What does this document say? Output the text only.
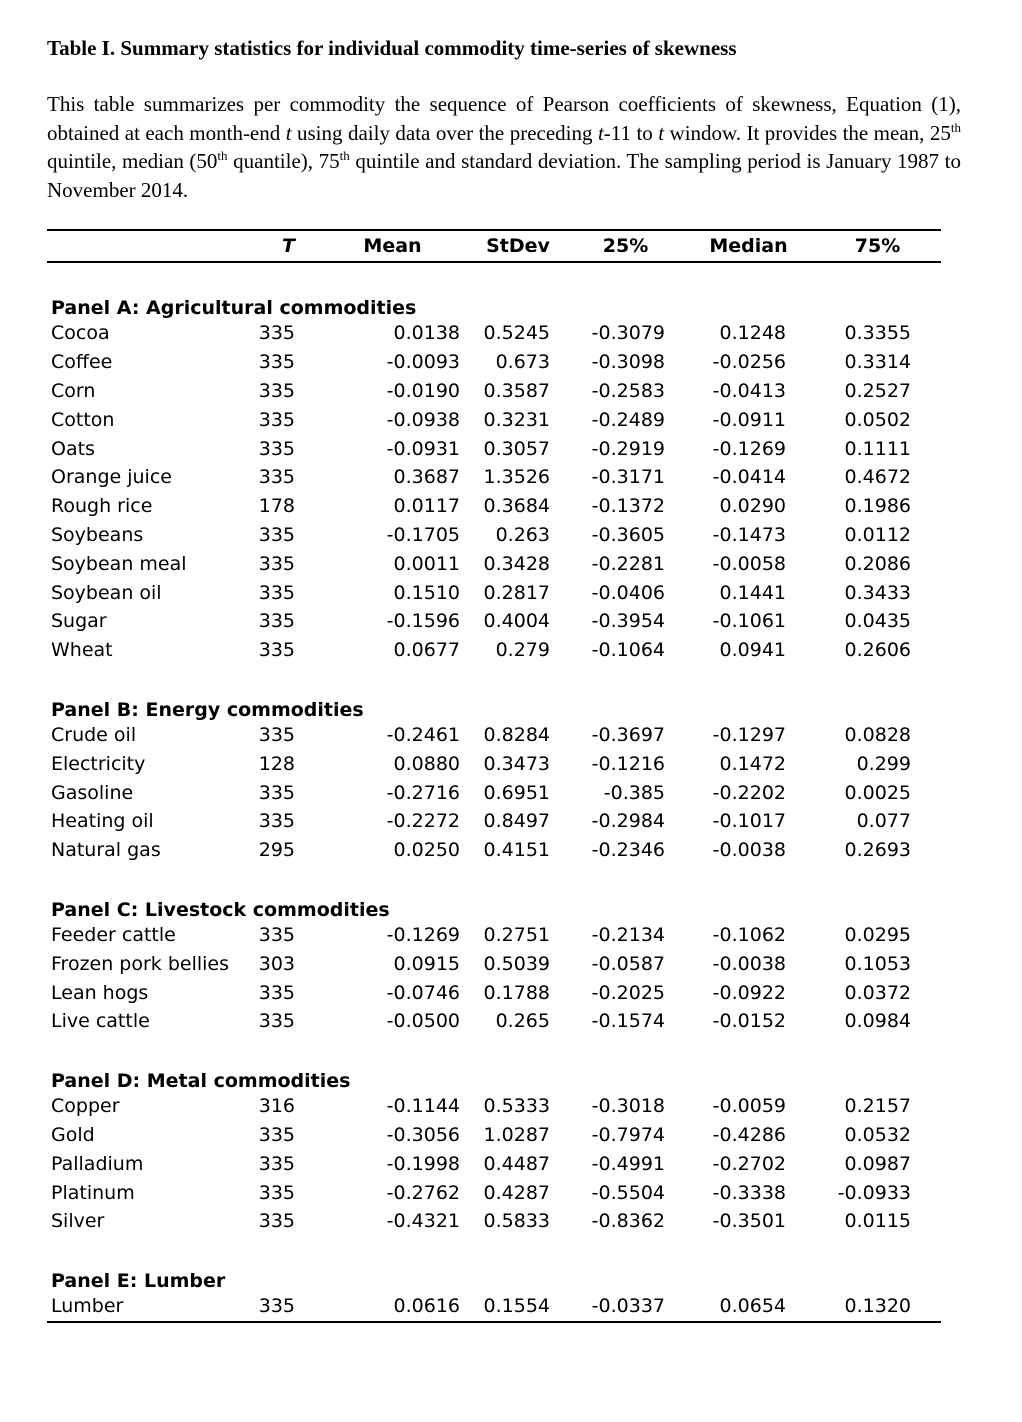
Table I. Summary statistics for individual commodity time-series of skewness

This table summarizes per commodity the sequence of Pearson coefficients of skewness, Equation (1), obtained at each month-end t using daily data over the preceding t-11 to t window. It provides the mean, 25th quintile, median (50th quantile), 75th quintile and standard deviation. The sampling period is January 1987 to November 2014.
	T	Mean	StDev	25%	Median	75%
Panel A: Agricultural commodities						
Cocoa	335	0.0138	0.5245	-0.3079	0.1248	0.3355
Coffee	335	-0.0093	0.673	-0.3098	-0.0256	0.3314
Corn	335	-0.0190	0.3587	-0.2583	-0.0413	0.2527
Cotton	335	-0.0938	0.3231	-0.2489	-0.0911	0.0502
Oats	335	-0.0931	0.3057	-0.2919	-0.1269	0.1111
Orange juice	335	0.3687	1.3526	-0.3171	-0.0414	0.4672
Rough rice	178	0.0117	0.3684	-0.1372	0.0290	0.1986
Soybeans	335	-0.1705	0.263	-0.3605	-0.1473	0.0112
Soybean meal	335	0.0011	0.3428	-0.2281	-0.0058	0.2086
Soybean oil	335	0.1510	0.2817	-0.0406	0.1441	0.3433
Sugar	335	-0.1596	0.4004	-0.3954	-0.1061	0.0435
Wheat	335	0.0677	0.279	-0.1064	0.0941	0.2606
Panel B: Energy commodities						
Crude oil	335	-0.2461	0.8284	-0.3697	-0.1297	0.0828
Electricity	128	0.0880	0.3473	-0.1216	0.1472	0.299
Gasoline	335	-0.2716	0.6951	-0.385	-0.2202	0.0025
Heating oil	335	-0.2272	0.8497	-0.2984	-0.1017	0.077
Natural gas	295	0.0250	0.4151	-0.2346	-0.0038	0.2693
Panel C: Livestock commodities						
Feeder cattle	335	-0.1269	0.2751	-0.2134	-0.1062	0.0295
Frozen pork bellies	303	0.0915	0.5039	-0.0587	-0.0038	0.1053
Lean hogs	335	-0.0746	0.1788	-0.2025	-0.0922	0.0372
Live cattle	335	-0.0500	0.265	-0.1574	-0.0152	0.0984
Panel D: Metal commodities						
Copper	316	-0.1144	0.5333	-0.3018	-0.0059	0.2157
Gold	335	-0.3056	1.0287	-0.7974	-0.4286	0.0532
Palladium	335	-0.1998	0.4487	-0.4991	-0.2702	0.0987
Platinum	335	-0.2762	0.4287	-0.5504	-0.3338	-0.0933
Silver	335	-0.4321	0.5833	-0.8362	-0.3501	0.0115
Panel E: Lumber						
Lumber	335	0.0616	0.1554	-0.0337	0.0654	0.1320
